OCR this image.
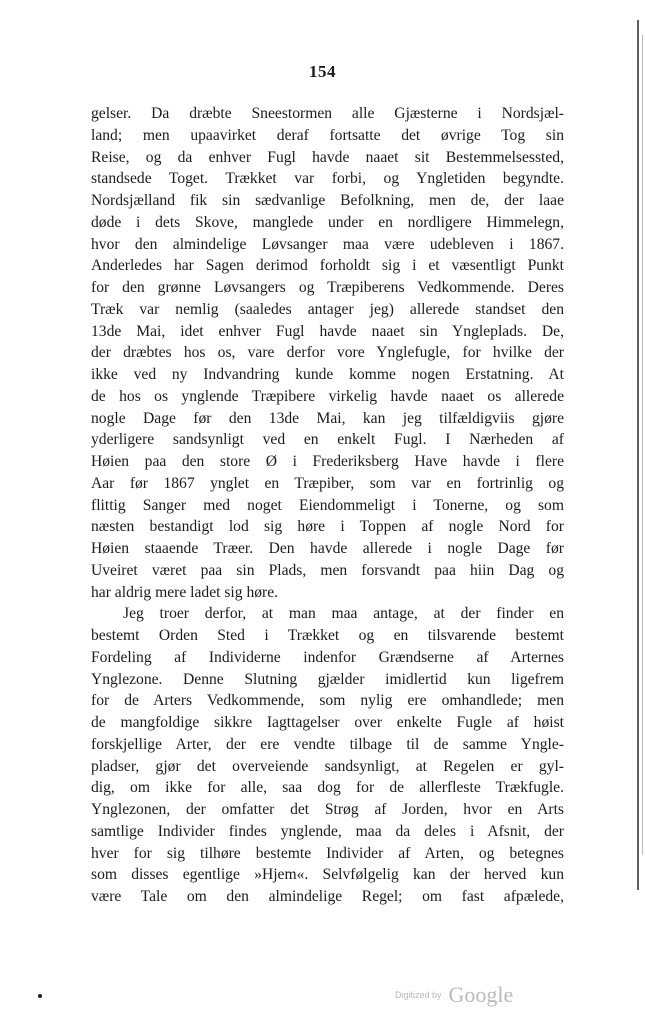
154
gelser. Da dræbte Sneestormen alle Gjæsterne i Nordsjæl-
land; men upaavirket deraf fortsatte det øvrige Tog sin
Reise, og da enhver Fugl havde naaet sit Bestemmelsessted,
standsede Toget. Trækket var forbi, og Yngletiden begyndte.
Nordsjælland fik sin sædvanlige Befolkning, men de, der laae
døde i dets Skove, manglede under en nordligere Himmelegn,
hvor den almindelige Løvsanger maa være udebleven i 1867.
Anderledes har Sagen derimod forholdt sig i et væsentligt Punkt
for den grønne Løvsangers og Træpiberens Vedkommende. Deres
Træk var nemlig (saaledes antager jeg) allerede standset den
13de Mai, idet enhver Fugl havde naaet sin Yngleplads. De,
der dræbtes hos os, vare derfor vore Ynglefugle, for hvilke der
ikke ved ny Indvandring kunde komme nogen Erstatning. At
de hos os ynglende Træpibere virkelig havde naaet os allerede
nogle Dage før den 13de Mai, kan jeg tilfældigviis gjøre
yderligere sandsynligt ved en enkelt Fugl. I Nærheden af
Høien paa den store Ø i Frederiksberg Have havde i flere
Aar før 1867 ynglet en Træpiber, som var en fortrinlig og
flittig Sanger med noget Eiendommeligt i Tonerne, og som
næsten bestandigt lod sig høre i Toppen af nogle Nord for
Høien staaende Træer. Den havde allerede i nogle Dage før
Uveiret været paa sin Plads, men forsvandt paa hiin Dag og
har aldrig mere ladet sig høre.
Jeg troer derfor, at man maa antage, at der finder en
bestemt Orden Sted i Trækket og en tilsvarende bestemt
Fordeling af Individerne indenfor Grændserne af Arternes
Ynglezone. Denne Slutning gjælder imidlertid kun ligefrem
for de Arters Vedkommende, som nylig ere omhandlede; men
de mangfoldige sikkre Iagttagelser over enkelte Fugle af høist
forskjellige Arter, der ere vendte tilbage til de samme Yngle-
pladser, gjør det overveiende sandsynligt, at Regelen er gyl-
dig, om ikke for alle, saa dog for de allerfleste Trækfugle.
Ynglezonen, der omfatter det Strøg af Jorden, hvor en Arts
samtlige Individer findes ynglende, maa da deles i Afsnit, der
hver for sig tilhøre bestemte Individer af Arten, og betegnes
som disses egentlige »Hjem«. Selvfølgelig kan der herved kun
være Tale om den almindelige Regel; om fast afpælede,
Digitized by Google
